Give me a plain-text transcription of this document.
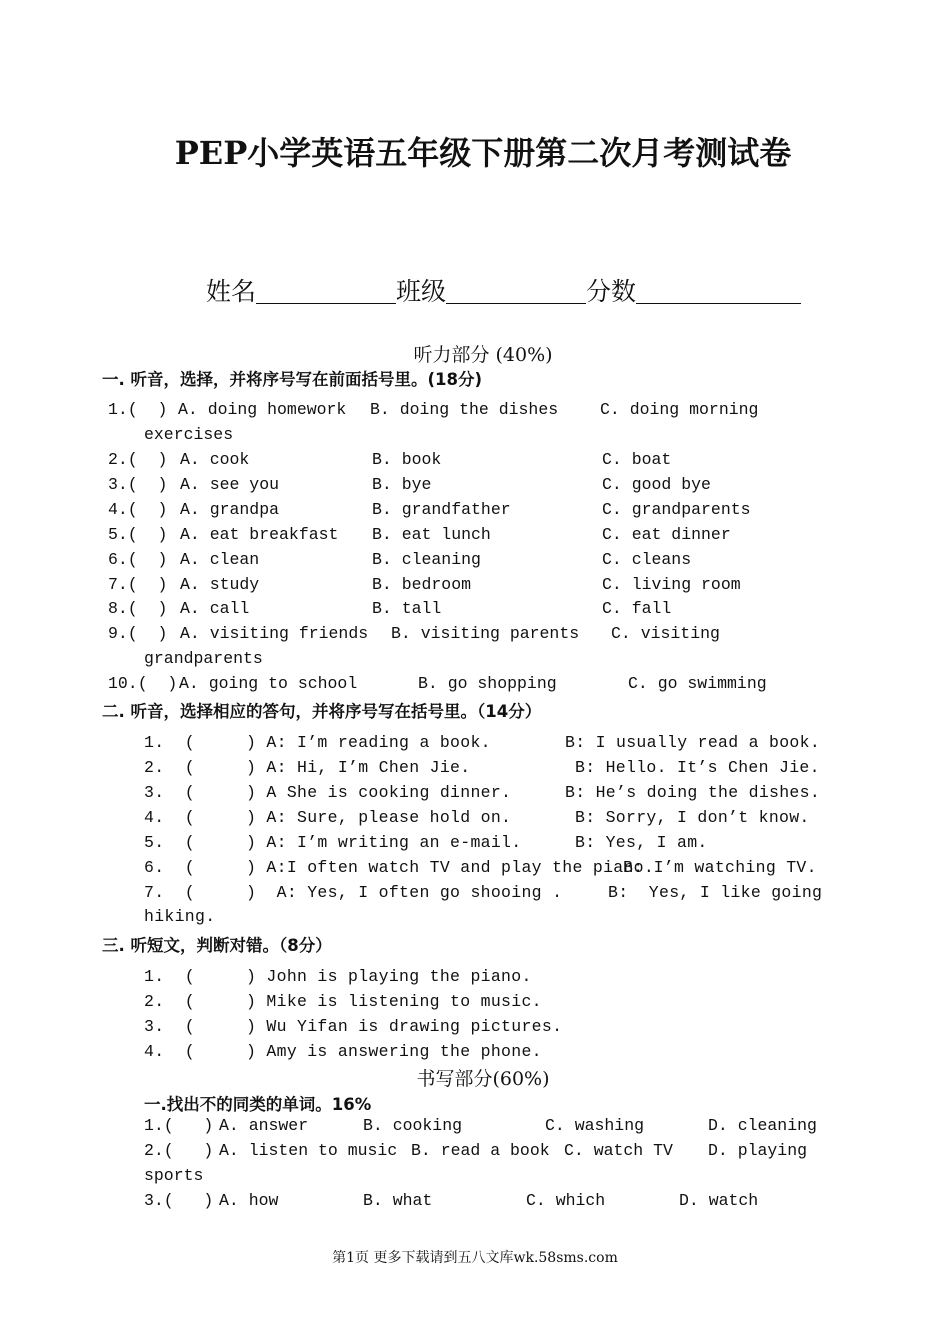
PEP小学英语五年级下册第二次月考测试卷
姓名	班级	分数
听力部分 (40%)
一. 听音，选择，并将序号写在前面括号里。(18分)
1.(  ) A. doing homework B. doing the dishes	C. doing morning
exercises
2.(  ) A. cook	B. book	C. boat
3.(  ) A. see you	B. bye	C. good bye
4.(  ) A. grandpa	B. grandfather	C. grandparents
5.(  ) A. eat breakfast B. eat lunch	C. eat dinner
6.(  ) A. clean	B. cleaning	C. cleans
7.(  ) A. study	B. bedroom	C. living room
8.(  ) A. call	B. tall	C. fall
9.(  ) A. visiting friends B. visiting parents C. visiting
grandparents
10.(  ) A. going to school	B. go shopping	C. go swimming
二. 听音，选择相应的答句，并将序号写在括号里。（14分）
1.  (     ) A: I’m reading a book.	B: I usually read a book.
2.  (     ) A: Hi, I’m Chen Jie.	B: Hello. It’s Chen Jie.
3.  (     ) A She is cooking dinner.	B: He’s doing the dishes.
4.  (     ) A: Sure, please hold on.	B: Sorry, I don’t know.
5.  (     ) A: I’m writing an e-mail.	B: Yes, I am.
6.  (     ) A:I often watch TV and play the piano.
B: I’m watching TV.
7.  (     )  A: Yes, I often go shooing .	B:  Yes, I like going
hiking.
三. 听短文，判断对错。（8分）
1.  (     ) John is playing the piano.
2.  (     ) Mike is listening to music.
3.  (     ) Wu Yifan is drawing pictures.
4.  (     ) Amy is answering the phone.
书写部分(60%)
一.找出不的同类的单词。16%
1.(   ) A. answer	B. cooking	C. washing	D. cleaning
2.(   ) A. listen to music B. read a book C. watch TV D. playing
sports
3.(   ) A. how	B. what	C. which	D. watch
第1页 更多下载请到五八文库wk.58sms.com
